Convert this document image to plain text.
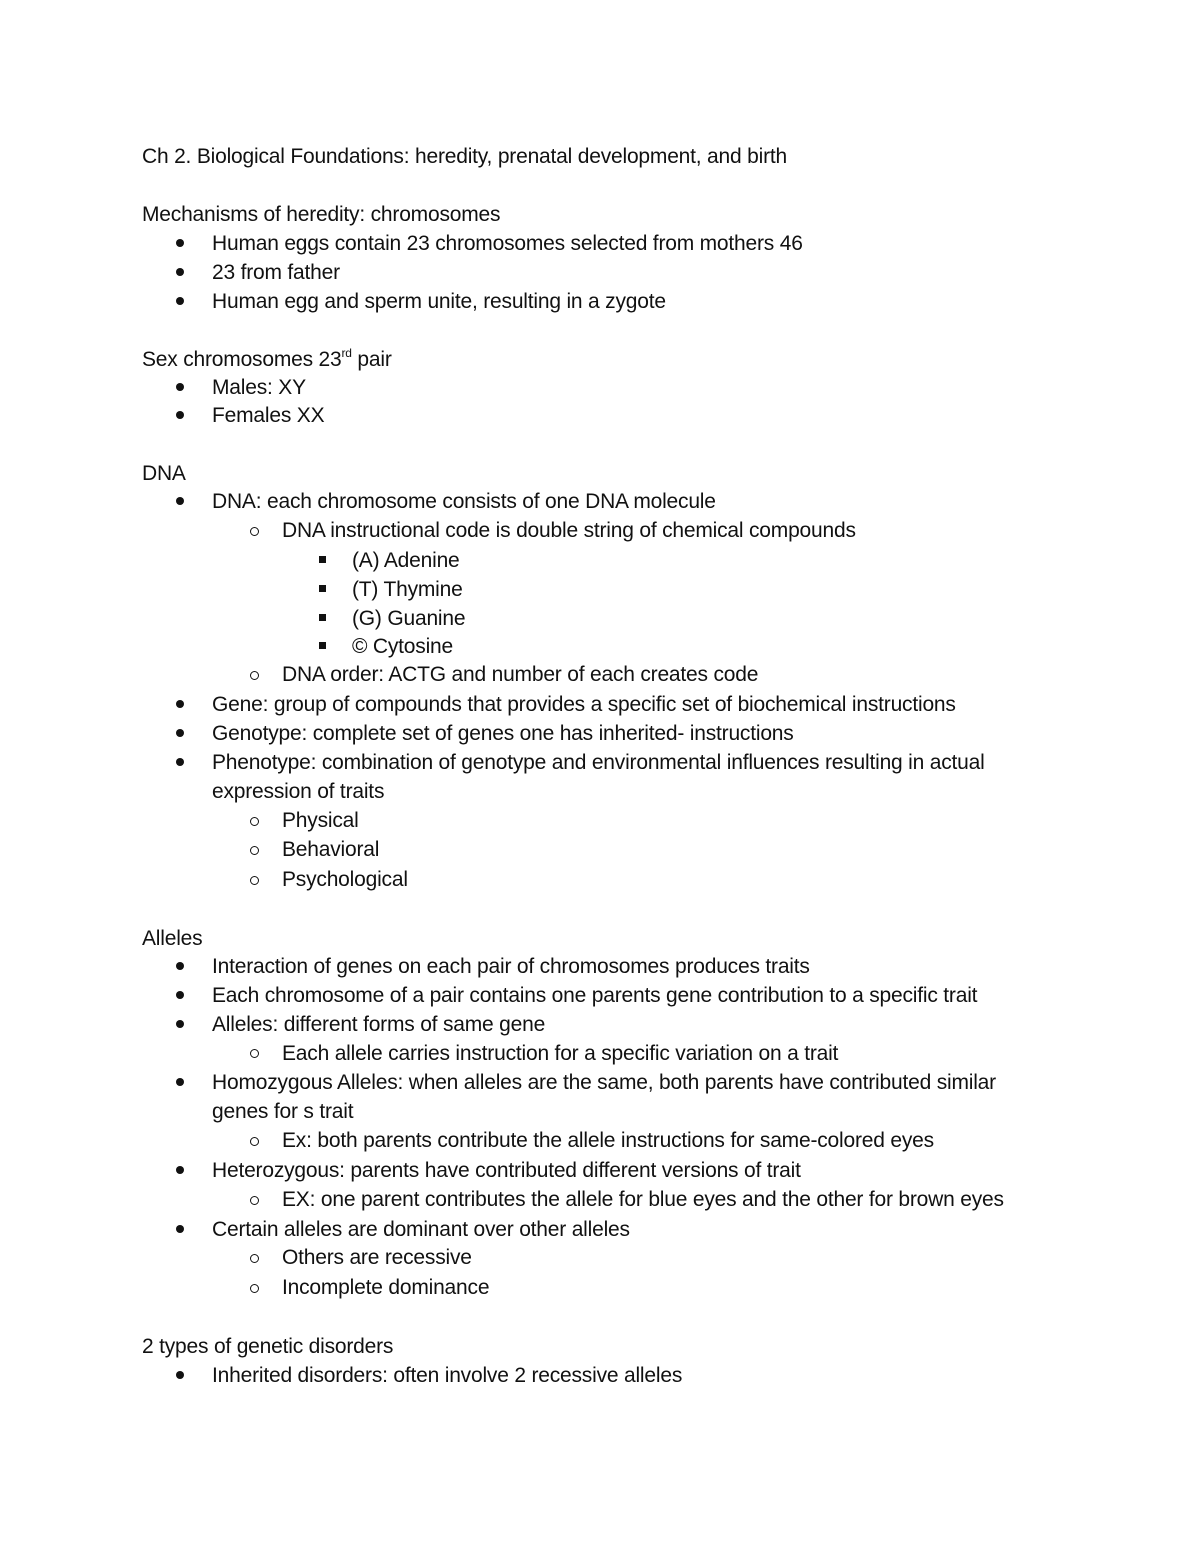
Ch 2. Biological Foundations: heredity, prenatal development, and birth
Mechanisms of heredity: chromosomes
Human eggs contain 23 chromosomes selected from mothers 46
23 from father
Human egg and sperm unite, resulting in a zygote
Sex chromosomes 23rd pair
Males: XY
Females XX
DNA
DNA: each chromosome consists of one DNA molecule
DNA instructional code is double string of chemical compounds
(A) Adenine
(T) Thymine
(G) Guanine
© Cytosine
DNA order: ACTG and number of each creates code
Gene: group of compounds that provides a specific set of biochemical instructions
Genotype: complete set of genes one has inherited- instructions
Phenotype: combination of genotype and environmental influences resulting in actual
expression of traits
Physical
Behavioral
Psychological
Alleles
Interaction of genes on each pair of chromosomes produces traits
Each chromosome of a pair contains one parents gene contribution to a specific trait
Alleles: different forms of same gene
Each allele carries instruction for a specific variation on a trait
Homozygous Alleles: when alleles are the same, both parents have contributed similar
genes for s trait
Ex: both parents contribute the allele instructions for same-colored eyes
Heterozygous: parents have contributed different versions of trait
EX: one parent contributes the allele for blue eyes and the other for brown eyes
Certain alleles are dominant over other alleles
Others are recessive
Incomplete dominance
2 types of genetic disorders
Inherited disorders: often involve 2 recessive alleles
